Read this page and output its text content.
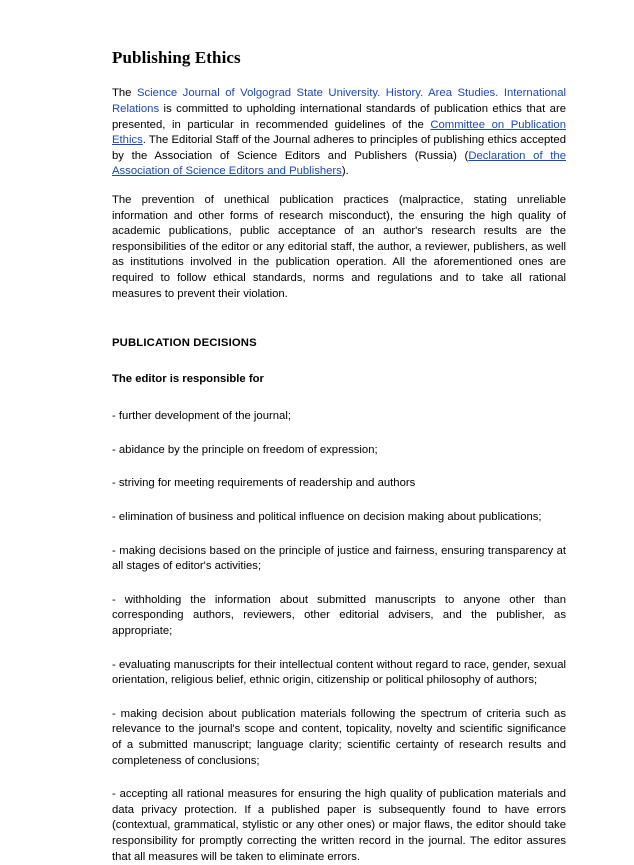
Publishing Ethics

The Science Journal of Volgograd State University. History. Area Studies. International Relations is committed to upholding international standards of publication ethics that are presented, in particular in recommended guidelines of the Committee on Publication Ethics. The Editorial Staff of the Journal adheres to principles of publishing ethics accepted by the Association of Science Editors and Publishers (Russia) (Declaration of the Association of Science Editors and Publishers).

The prevention of unethical publication practices (malpractice, stating unreliable information and other forms of research misconduct), the ensuring the high quality of academic publications, public acceptance of an author's research results are the responsibilities of the editor or any editorial staff, the author, a reviewer, publishers, as well as institutions involved in the publication operation. All the aforementioned ones are required to follow ethical standards, norms and regulations and to take all rational measures to prevent their violation.

PUBLICATION DECISIONS
The editor is responsible for

- further development of the journal;

- abidance by the principle on freedom of expression;

- striving for meeting requirements of readership and authors

- elimination of business and political influence on decision making about publications;

- making decisions based on the principle of justice and fairness, ensuring transparency at all stages of editor's activities;

- withholding the information about submitted manuscripts to anyone other than corresponding authors, reviewers, other editorial advisers, and the publisher, as appropriate;

- evaluating manuscripts for their intellectual content without regard to race, gender, sexual orientation, religious belief, ethnic origin, citizenship or political philosophy of authors;

- making decision about publication materials following the spectrum of criteria such as relevance to the journal's scope and content, topicality, novelty and scientific significance of a submitted manuscript; language clarity; scientific certainty of research results and completeness of conclusions;

- accepting all rational measures for ensuring the high quality of publication materials and data privacy protection. If a published paper is subsequently found to have errors (contextual, grammatical, stylistic or any other ones) or major flaws, the editor should take responsibility for promptly correcting the written record in the journal. The editor assures that all measures will be taken to eliminate errors.
